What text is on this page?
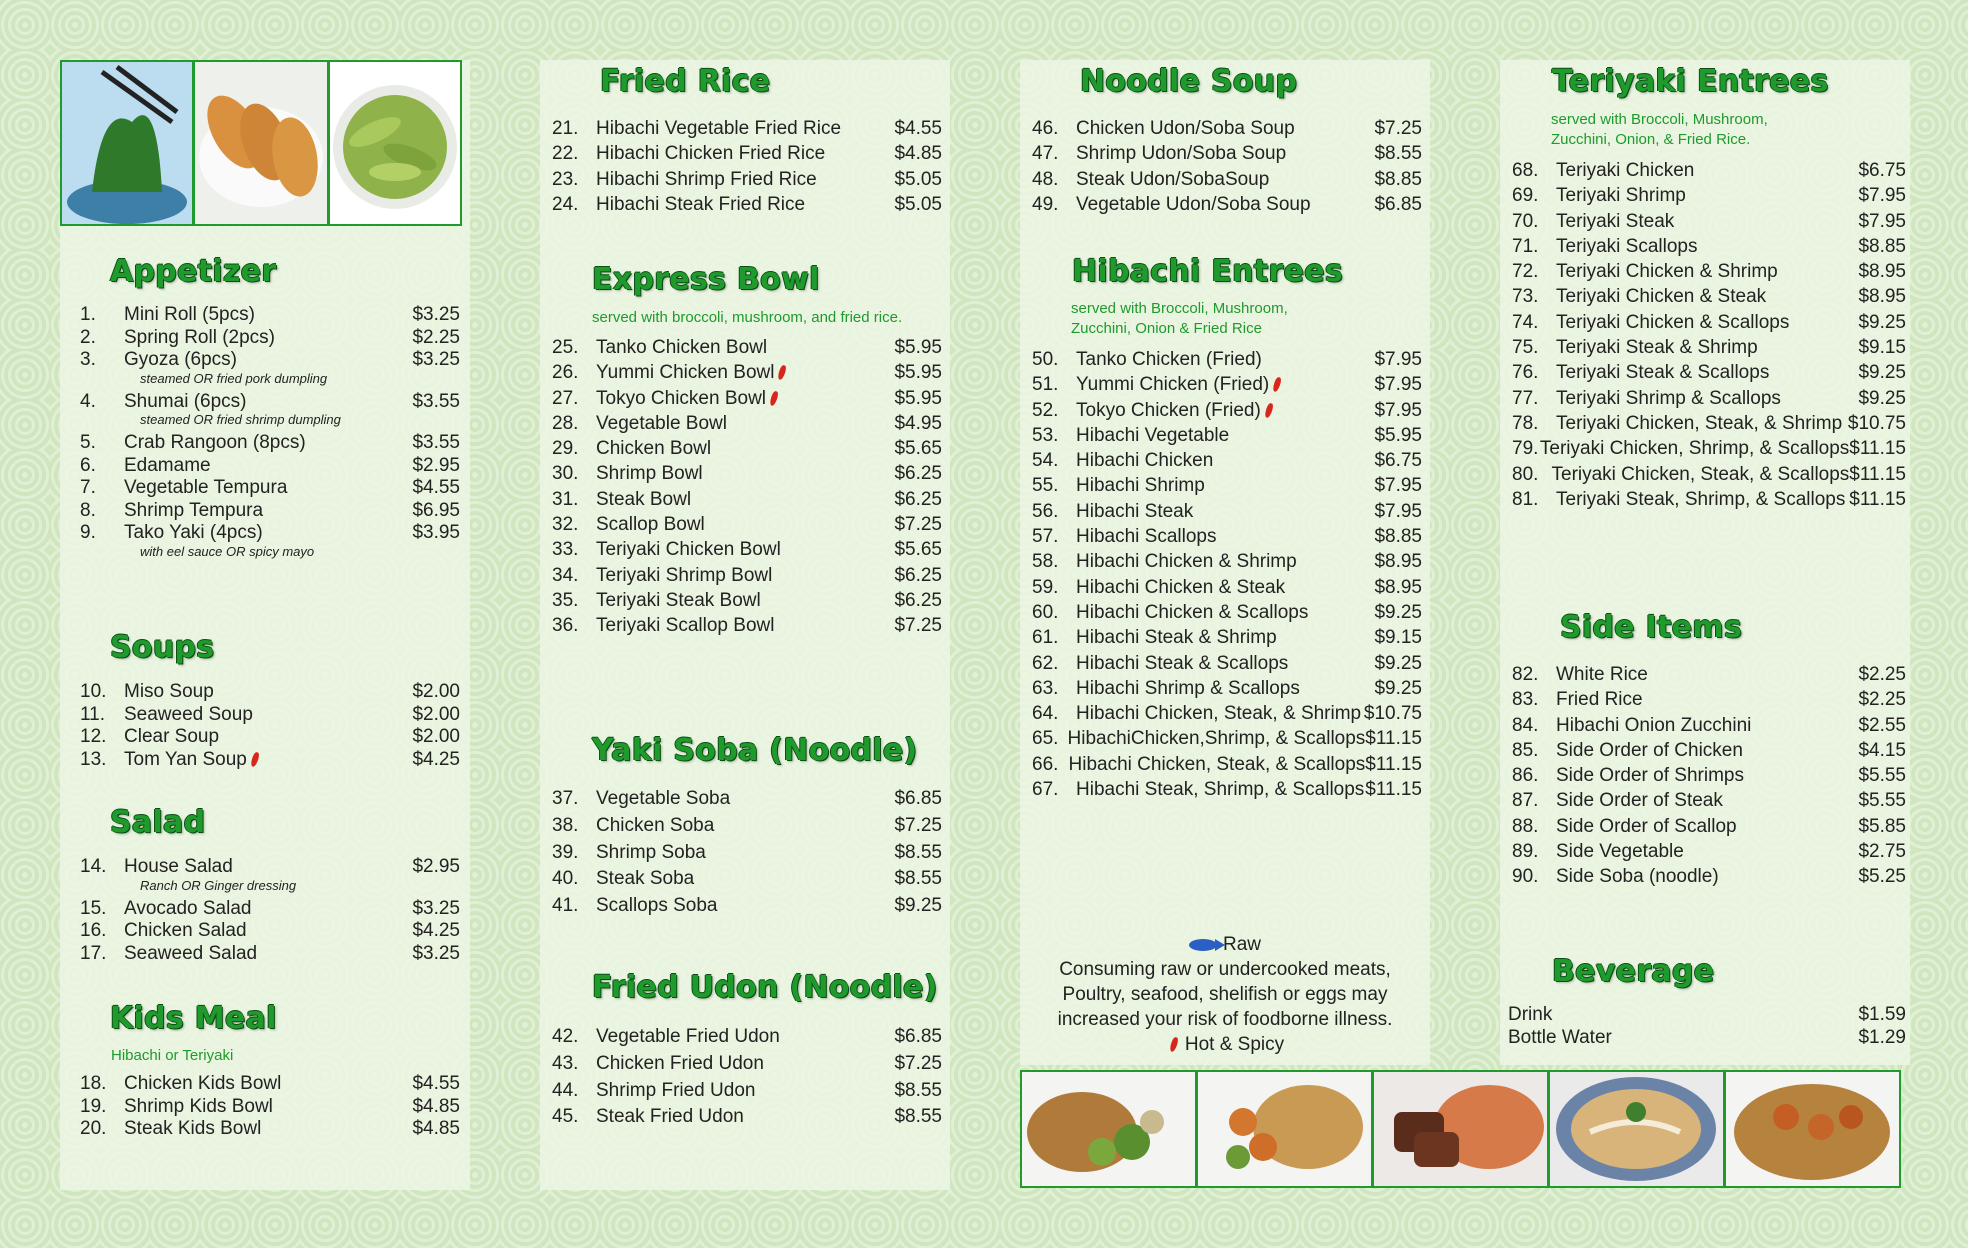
Appetizer
1.	Mini Roll (5pcs)	$3.25
2.	Spring Roll (2pcs)	$2.25
3.	Gyoza (6pcs)	$3.25
steamed OR fried pork dumpling
4.	Shumai (6pcs)	$3.55
steamed OR fried shrimp dumpling
5.	Crab Rangoon (8pcs)	$3.55
6.	Edamame	$2.95
7.	Vegetable Tempura	$4.55
8.	Shrimp Tempura	$6.95
9.	Tako Yaki (4pcs)	$3.95
with eel sauce OR spicy mayo
Soups
10. Miso Soup	$2.00
11. Seaweed Soup	$2.00
12. Clear Soup	$2.00
13. Tom Yan Soup	$4.25
Salad
14. House Salad	$2.95
Ranch OR Ginger dressing
15. Avocado Salad	$3.25
16. Chicken Salad	$4.25
17. Seaweed Salad	$3.25
Kids Meal
Hibachi or Teriyaki
18. Chicken Kids Bowl	$4.55
19. Shrimp Kids Bowl	$4.85
20. Steak Kids Bowl	$4.85
Fried Rice
21. Hibachi Vegetable Fried Rice	$4.55
22. Hibachi Chicken Fried Rice	$4.85
23. Hibachi Shrimp Fried Rice	$5.05
24. Hibachi Steak Fried Rice	$5.05
Express Bowl
served with broccoli, mushroom, and fried rice.
25. Tanko Chicken Bowl	$5.95
26. Yummi Chicken Bowl	$5.95
27. Tokyo Chicken Bowl	$5.95
28. Vegetable Bowl	$4.95
29. Chicken Bowl	$5.65
30. Shrimp Bowl	$6.25
31. Steak Bowl	$6.25
32. Scallop Bowl	$7.25
33. Teriyaki Chicken Bowl	$5.65
34. Teriyaki Shrimp Bowl	$6.25
35. Teriyaki Steak Bowl	$6.25
36. Teriyaki Scallop Bowl	$7.25
Yaki Soba (Noodle)
37. Vegetable Soba	$6.85
38. Chicken Soba	$7.25
39. Shrimp Soba	$8.55
40. Steak Soba	$8.55
41. Scallops Soba	$9.25
Fried Udon (Noodle)
42. Vegetable Fried Udon	$6.85
43. Chicken Fried Udon	$7.25
44. Shrimp Fried Udon	$8.55
45. Steak Fried Udon	$8.55
Noodle Soup
46. Chicken Udon/Soba Soup	$7.25
47. Shrimp Udon/Soba Soup	$8.55
48. Steak Udon/SobaSoup	$8.85
49. Vegetable Udon/Soba Soup	$6.85
Hibachi Entrees
served with Broccoli, Mushroom,
Zucchini, Onion & Fried Rice
50. Tanko Chicken (Fried)	$7.95
51. Yummi Chicken (Fried)	$7.95
52. Tokyo Chicken (Fried)	$7.95
53. Hibachi Vegetable	$5.95
54. Hibachi Chicken	$6.75
55. Hibachi Shrimp	$7.95
56. Hibachi Steak	$7.95
57. Hibachi Scallops	$8.85
58. Hibachi Chicken & Shrimp	$8.95
59. Hibachi Chicken & Steak	$8.95
60. Hibachi Chicken & Scallops	$9.25
61. Hibachi Steak & Shrimp	$9.15
62. Hibachi Steak & Scallops	$9.25
63. Hibachi Shrimp & Scallops	$9.25
64. Hibachi Chicken, Steak, & Shrimp $10.75
65. HibachiChicken,Shrimp, & Scallops $11.15
66. Hibachi Chicken, Steak, & Scallops $11.15
67. Hibachi Steak, Shrimp, & Scallops $11.15
Raw
Consuming raw or undercooked meats,
Poultry, seafood, shelifish or eggs may
increased your risk of foodborne illness.
Hot & Spicy
Teriyaki Entrees
served with Broccoli, Mushroom,
Zucchini, Onion, & Fried Rice.
68. Teriyaki Chicken	$6.75
69. Teriyaki Shrimp	$7.95
70. Teriyaki Steak	$7.95
71. Teriyaki Scallops	$8.85
72. Teriyaki Chicken & Shrimp	$8.95
73. Teriyaki Chicken & Steak	$8.95
74. Teriyaki Chicken & Scallops	$9.25
75. Teriyaki Steak & Shrimp	$9.15
76. Teriyaki Steak & Scallops	$9.25
77. Teriyaki Shrimp & Scallops	$9.25
78. Teriyaki Chicken, Steak, & Shrimp $10.75
79. Teriyaki Chicken, Shrimp, & Scallops $11.15
80. Teriyaki Chicken, Steak, & Scallops $11.15
81. Teriyaki Steak, Shrimp, & Scallops $11.15
Side Items
82. White Rice	$2.25
83. Fried Rice	$2.25
84. Hibachi Onion Zucchini	$2.55
85. Side Order of Chicken	$4.15
86. Side Order of Shrimps	$5.55
87. Side Order of Steak	$5.55
88. Side Order of Scallop	$5.85
89. Side Vegetable	$2.75
90. Side Soba (noodle)	$5.25
Beverage
Drink	$1.59
Bottle Water	$1.29
